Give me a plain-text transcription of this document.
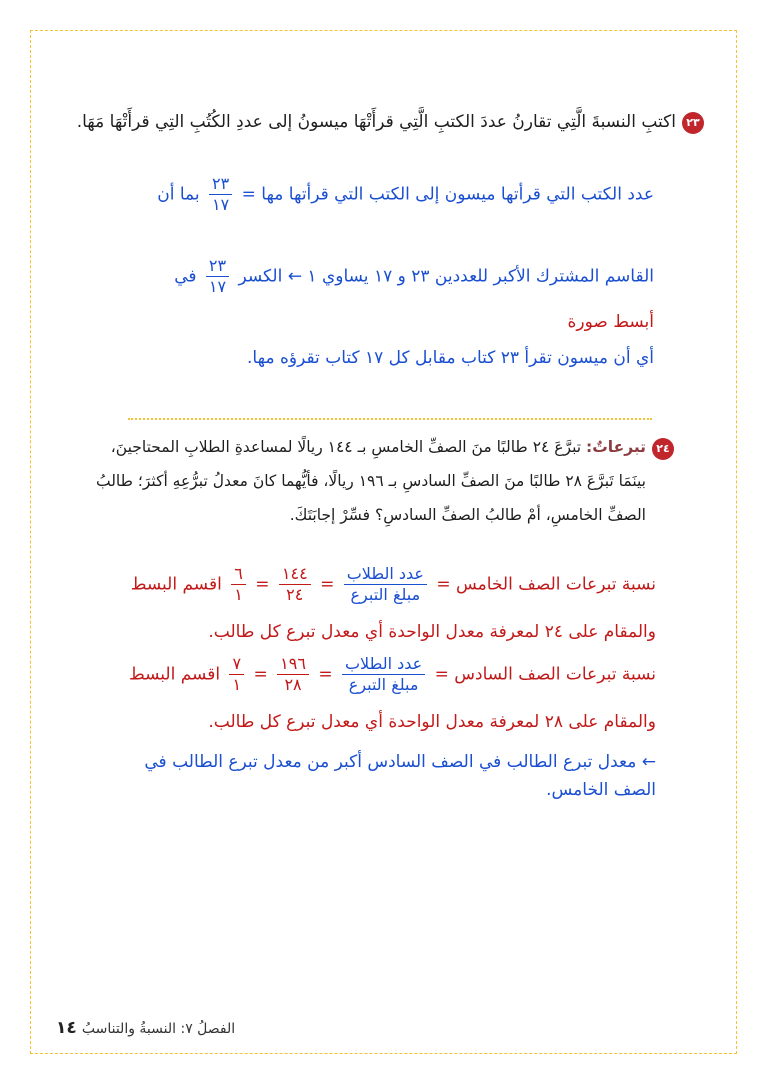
٢٣
اكتبِ النسبةَ الَّتِي تقارنُ عددَ الكتبِ الَّتِي قرأَتْهَا ميسونُ إلى عددِ الكُتُبِ التِي قرأَتْهَا مَهَا.
عدد الكتب التي قرأتها ميسون إلى الكتب التي قرأتها مها =
$\frac{٢٣}{١٧}$
بما أن
القاسم المشترك الأكبر للعددين ٢٣ و ١٧ يساوي ١ ← الكسر
$\frac{٢٣}{١٧}$
في
أبسط صورة
أي أن ميسون تقرأ ٢٣ كتاب مقابل كل ١٧ كتاب تقرؤه مها.
٢٤
تبرعاتٌ: تبرَّعَ ٢٤ طالبًا منَ الصفِّ الخامسِ بـ ١٤٤ ريالًا لمساعدةِ الطلابِ المحتاجينَ،
بينَمَا تَبرَّعَ ٢٨ طالبًا منَ الصفِّ السادسِ بـ ١٩٦ ريالًا، فأيُّهما كانَ معدلُ تبرُّعِهِ أكثرَ؛ طالبُ
الصفِّ الخامسِ، أمْ طالبُ الصفِّ السادسِ؟ فسِّرْ إجابَتَكَ.
نسبة تبرعات الصف الخامس =
$\frac{\text{عدد الطلاب}}{\text{مبلغ التبرع}}$
=
$\frac{١٤٤}{٢٤}$
=
$\frac{٦}{١}$
اقسم البسط
والمقام على ٢٤ لمعرفة معدل الواحدة أي معدل تبرع كل طالب.
نسبة تبرعات الصف السادس =
$\frac{\text{عدد الطلاب}}{\text{مبلغ التبرع}}$
=
$\frac{١٩٦}{٢٨}$
=
$\frac{٧}{١}$
اقسم البسط
والمقام على ٢٨ لمعرفة معدل الواحدة أي معدل تبرع كل طالب.
← معدل تبرع الطالب في الصف السادس أكبر من معدل تبرع الطالب في
الصف الخامس.
الفصلُ ٧: النسبةُ والتناسبُ ١٤
